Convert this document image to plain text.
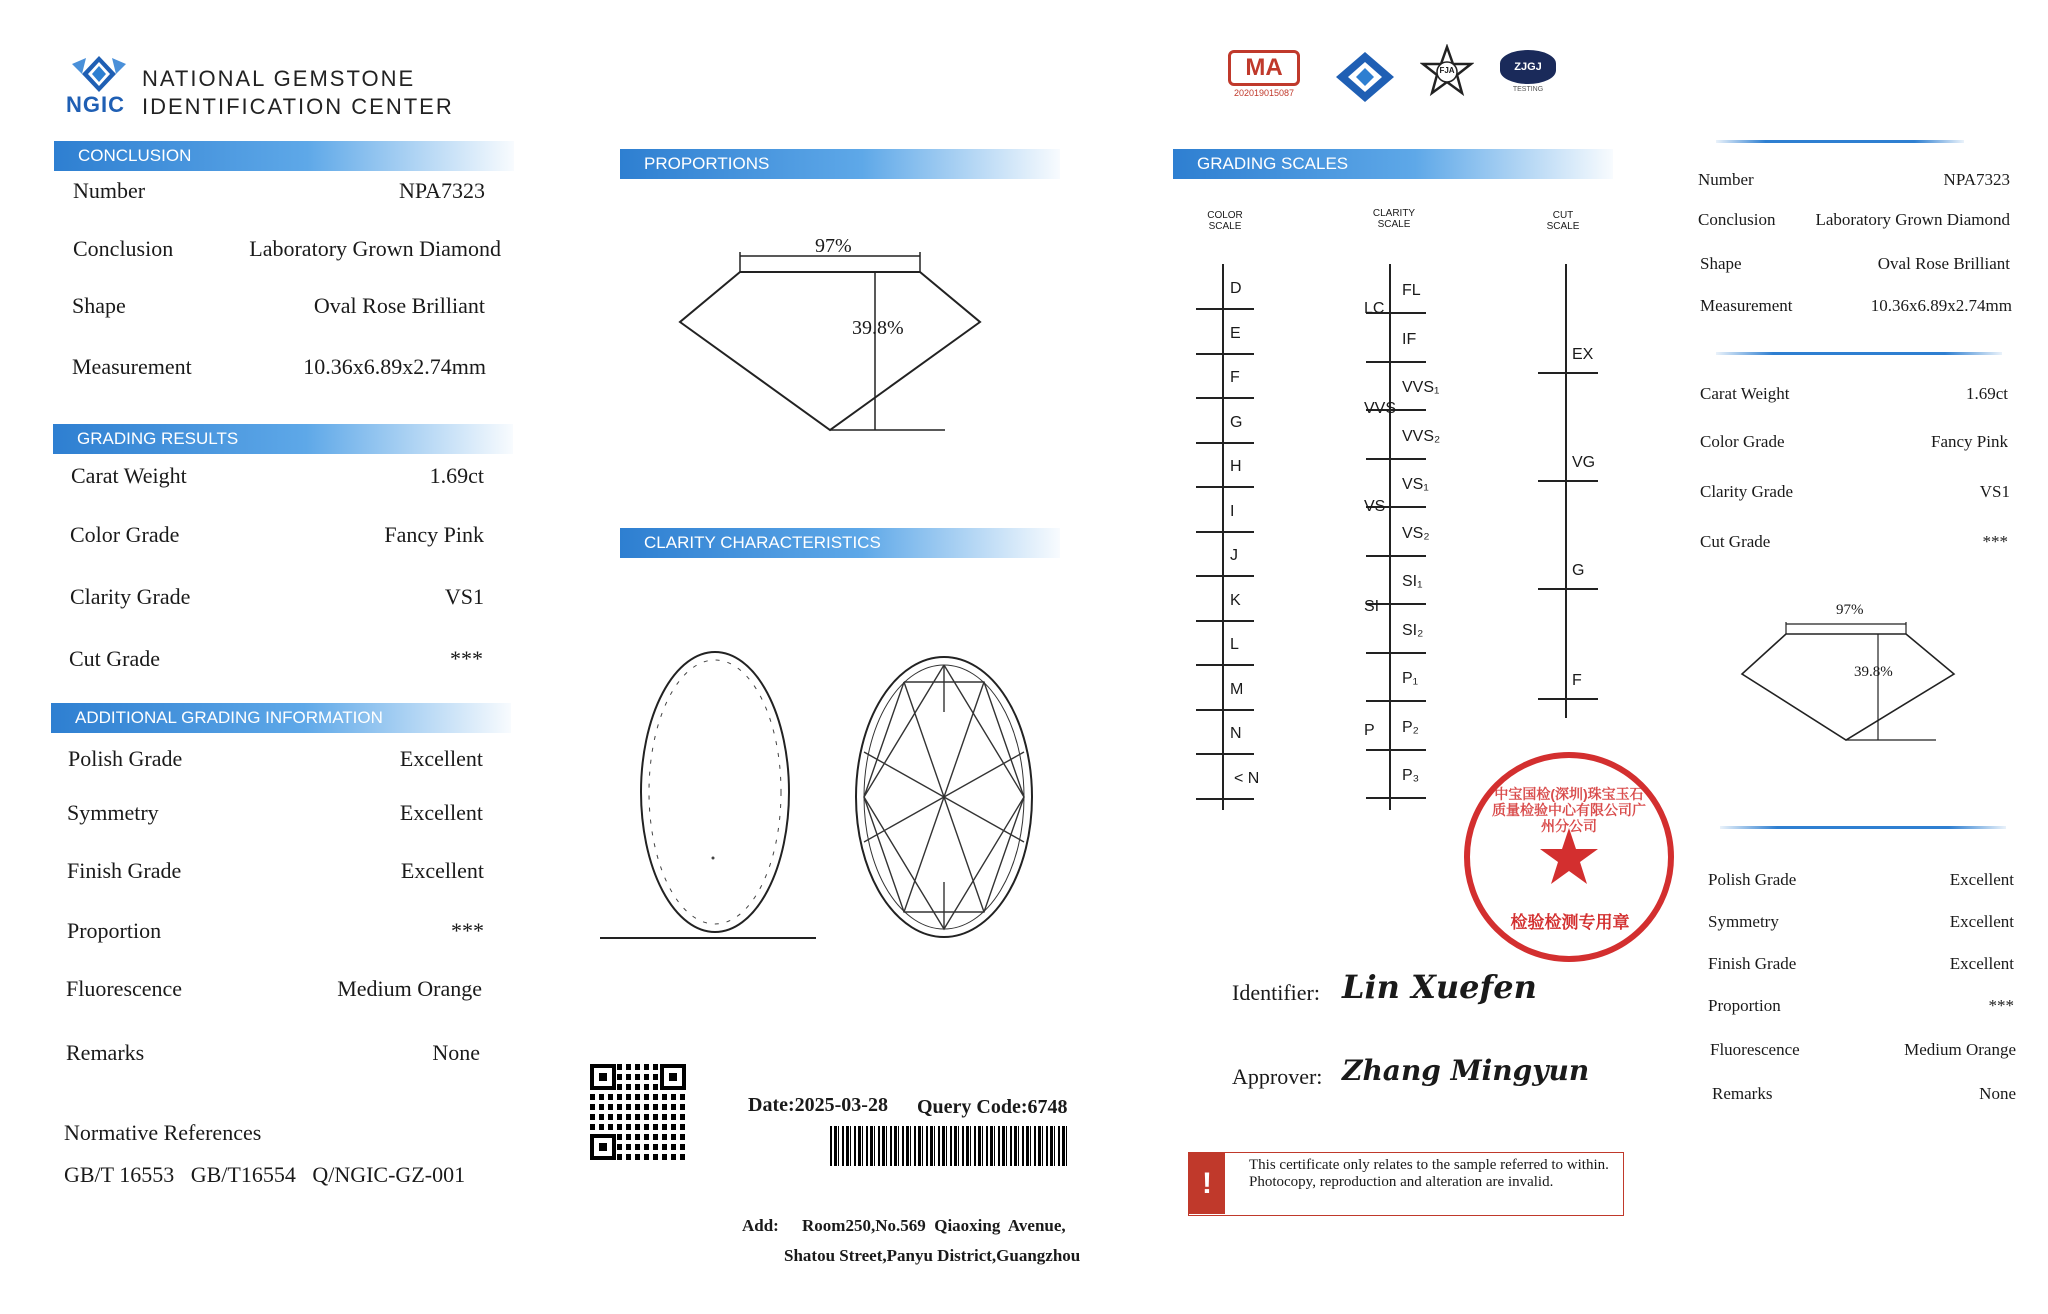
NGIC
NATIONAL GEMSTONE
IDENTIFICATION CENTER
CONCLUSION
Number	NPA7323
Conclusion	Laboratory Grown Diamond
Shape	Oval Rose Brilliant
Measurement	10.36x6.89x2.74mm
GRADING RESULTS
Carat Weight	1.69ct
Color Grade	Fancy Pink
Clarity Grade	VS1
Cut Grade	***
ADDITIONAL GRADING INFORMATION
Polish Grade	Excellent
Symmetry	Excellent
Finish Grade	Excellent
Proportion	***
Fluorescence	Medium Orange
Remarks	None
Normative References
GB/T 16553   GB/T16554   Q/NGIC-GZ-001
PROPORTIONS
97%
39.8%
CLARITY CHARACTERISTICS
Date:2025-03-28 Query Code:6748
Add: Room250,No.569  Qiaoxing  Avenue,
Shatou Street,Panyu District,Guangzhou
MA
202019015087
FJA	ZJGJ
TESTING
GRADING SCALES
COLOR
SCALE
CLARITY
SCALE
CUT
SCALE
D
E
F
G
H
I
J
K
L
M
N
< N
FL
IF
VVS₁
VVS₂
VS₁
VS₂
SI₁
SI₂
P₁
P₂
P₃
LC
VVS
VS
SI
P
EX
VG
G
F
中宝国检(深圳)珠宝玉石质量检验中心有限公司广州分公司
检验检测专用章
Identifier: Lin Xuefen
Approver: Zhang Mingyun
!
This certificate only relates to the sample referred to within. Photocopy, reproduction and alteration are invalid.
Number	NPA7323
Conclusion Laboratory Grown Diamond
Shape	Oval Rose Brilliant
Measurement	10.36x6.89x2.74mm
Carat Weight	1.69ct
Color Grade	Fancy Pink
Clarity Grade	VS1
Cut Grade	***
97%
39.8%
Polish Grade	Excellent
Symmetry	Excellent
Finish Grade	Excellent
Proportion	***
Fluorescence	Medium Orange
Remarks	None
